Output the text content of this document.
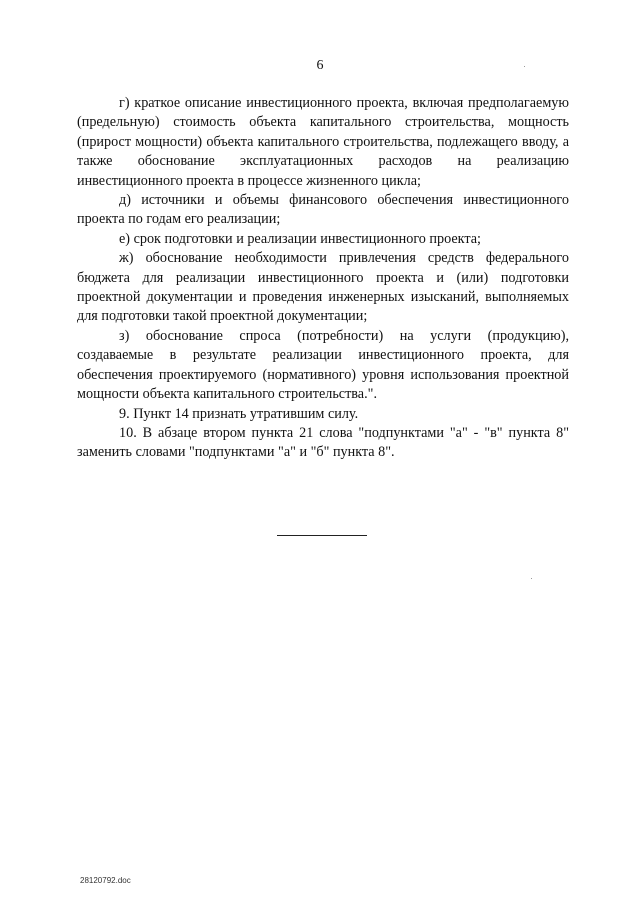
6

г) краткое описание инвестиционного проекта, включая предполагаемую (предельную) стоимость объекта капитального строительства, мощность (прирост мощности) объекта капитального строительства, подлежащего вводу, а также обоснование эксплуатационных расходов на реализацию инвестиционного проекта в процессе жизненного цикла;

д) источники и объемы финансового обеспечения инвестиционного проекта по годам его реализации;

е) срок подготовки и реализации инвестиционного проекта;

ж) обоснование необходимости привлечения средств федерального бюджета для реализации инвестиционного проекта и (или) подготовки проектной документации и проведения инженерных изысканий, выполняемых для подготовки такой проектной документации;

з) обоснование спроса (потребности) на услуги (продукцию), создаваемые в результате реализации инвестиционного проекта, для обеспечения проектируемого (нормативного) уровня использования проектной мощности объекта капитального строительства.".

9. Пункт 14 признать утратившим силу.

10. В абзаце втором пункта 21 слова "подпунктами "а" - "в" пункта 8" заменить словами "подпунктами "а" и "б" пункта 8".

28120792.doc
